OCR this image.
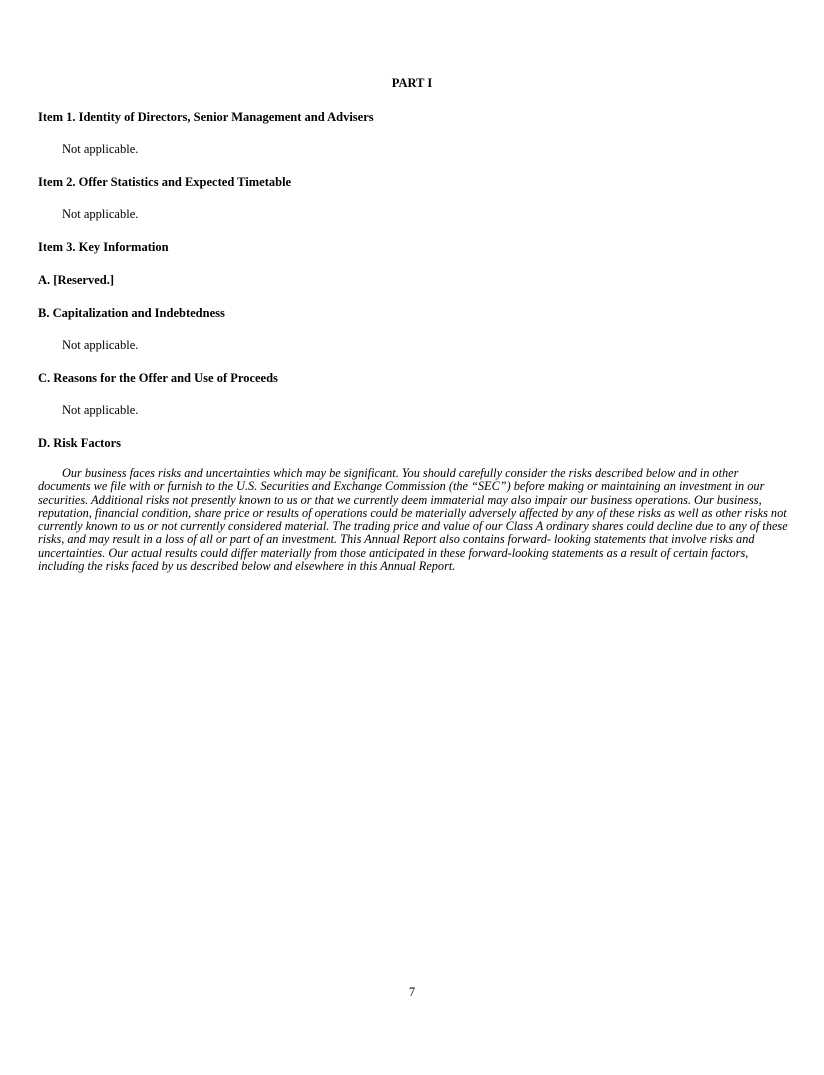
PART I
Item 1. Identity of Directors, Senior Management and Advisers
Not applicable.
Item 2. Offer Statistics and Expected Timetable
Not applicable.
Item 3. Key Information
A. [Reserved.]
B. Capitalization and Indebtedness
Not applicable.
C. Reasons for the Offer and Use of Proceeds
Not applicable.
D. Risk Factors
Our business faces risks and uncertainties which may be significant. You should carefully consider the risks described below and in other documents we file with or furnish to the U.S. Securities and Exchange Commission (the “SEC”) before making or maintaining an investment in our securities. Additional risks not presently known to us or that we currently deem immaterial may also impair our business operations. Our business, reputation, financial condition, share price or results of operations could be materially adversely affected by any of these risks as well as other risks not currently known to us or not currently considered material. The trading price and value of our Class A ordinary shares could decline due to any of these risks, and may result in a loss of all or part of an investment. This Annual Report also contains forward- looking statements that involve risks and uncertainties. Our actual results could differ materially from those anticipated in these forward-looking statements as a result of certain factors, including the risks faced by us described below and elsewhere in this Annual Report.
7
